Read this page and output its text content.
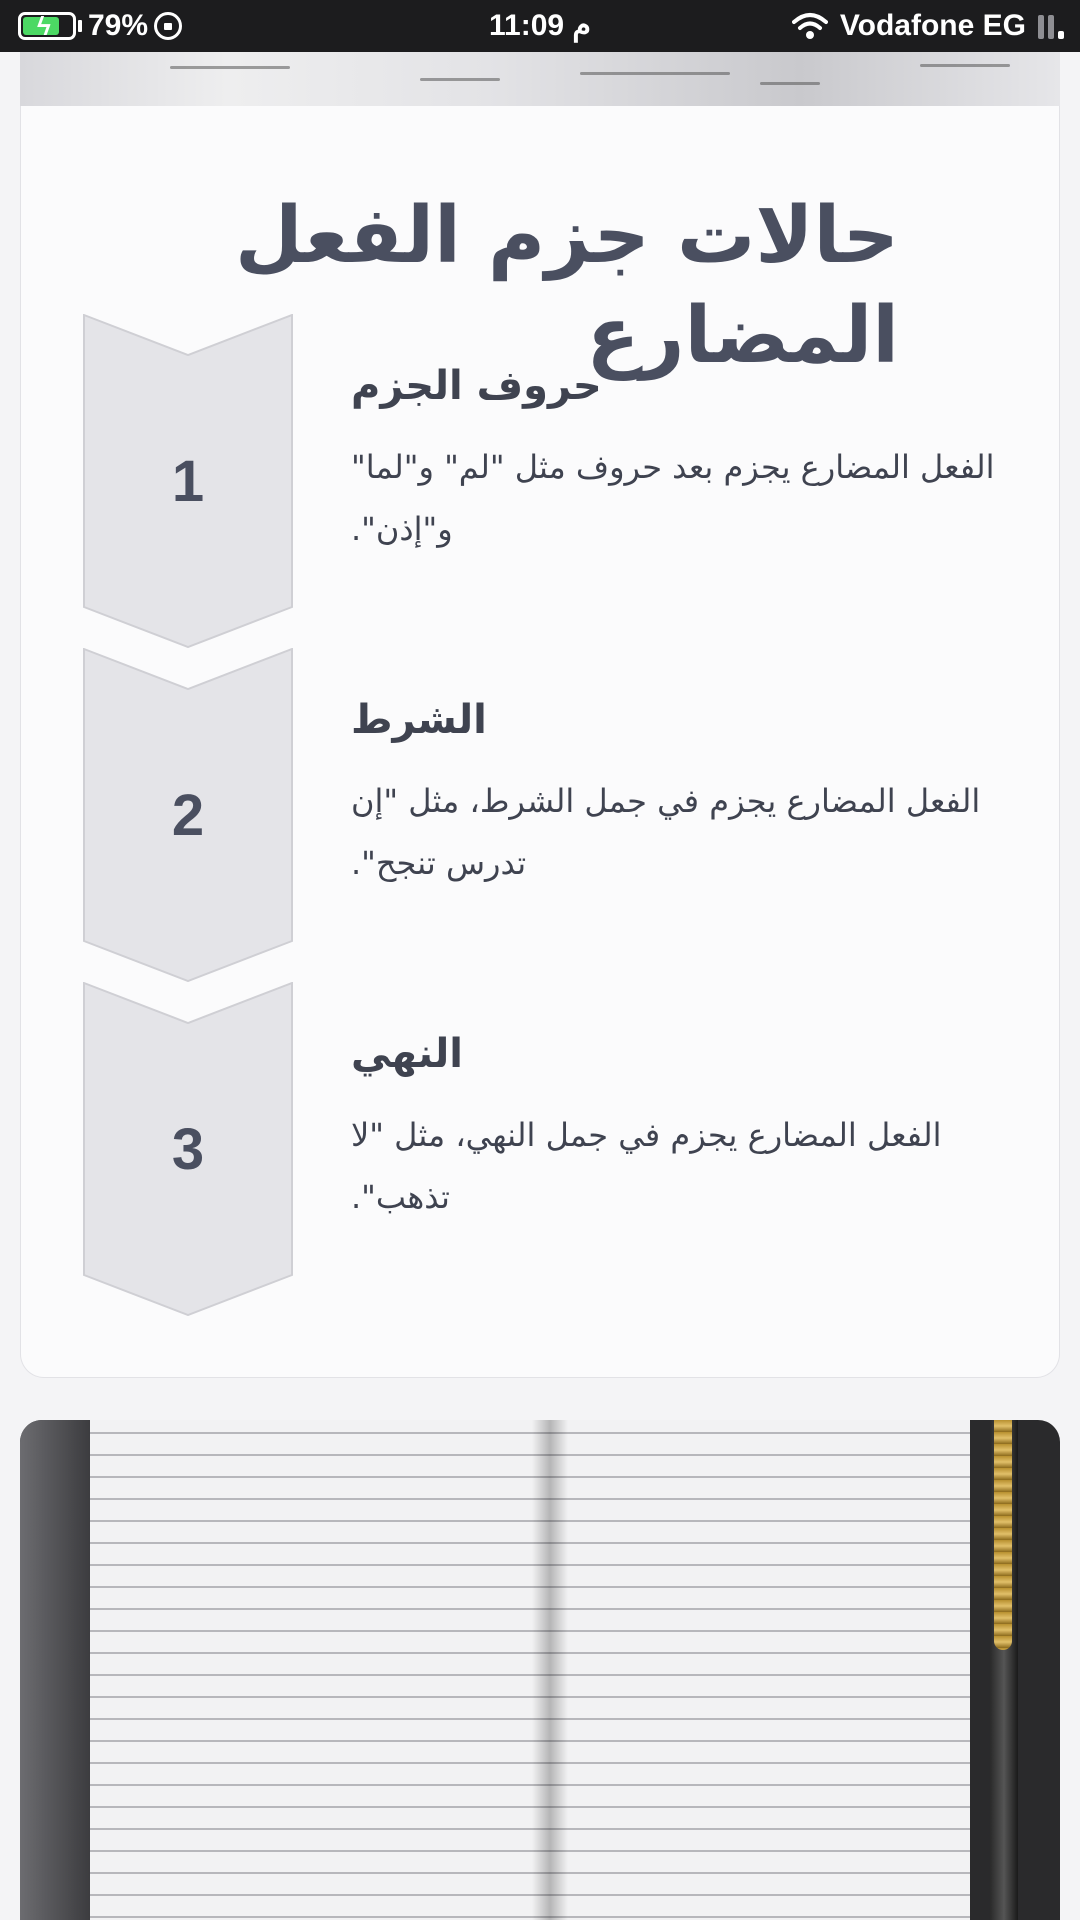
ϟ 79%	11:09 م	Vodafone EG
حالات جزم الفعل المضارع
1

حروف الجزم

الفعل المضارع يجزم بعد حروف مثل "لم" و"لما" و"إذن".

2

الشرط

الفعل المضارع يجزم في جمل الشرط، مثل "إن تدرس تنجح".

3

النهي

الفعل المضارع يجزم في جمل النهي، مثل "لا تذهب".
